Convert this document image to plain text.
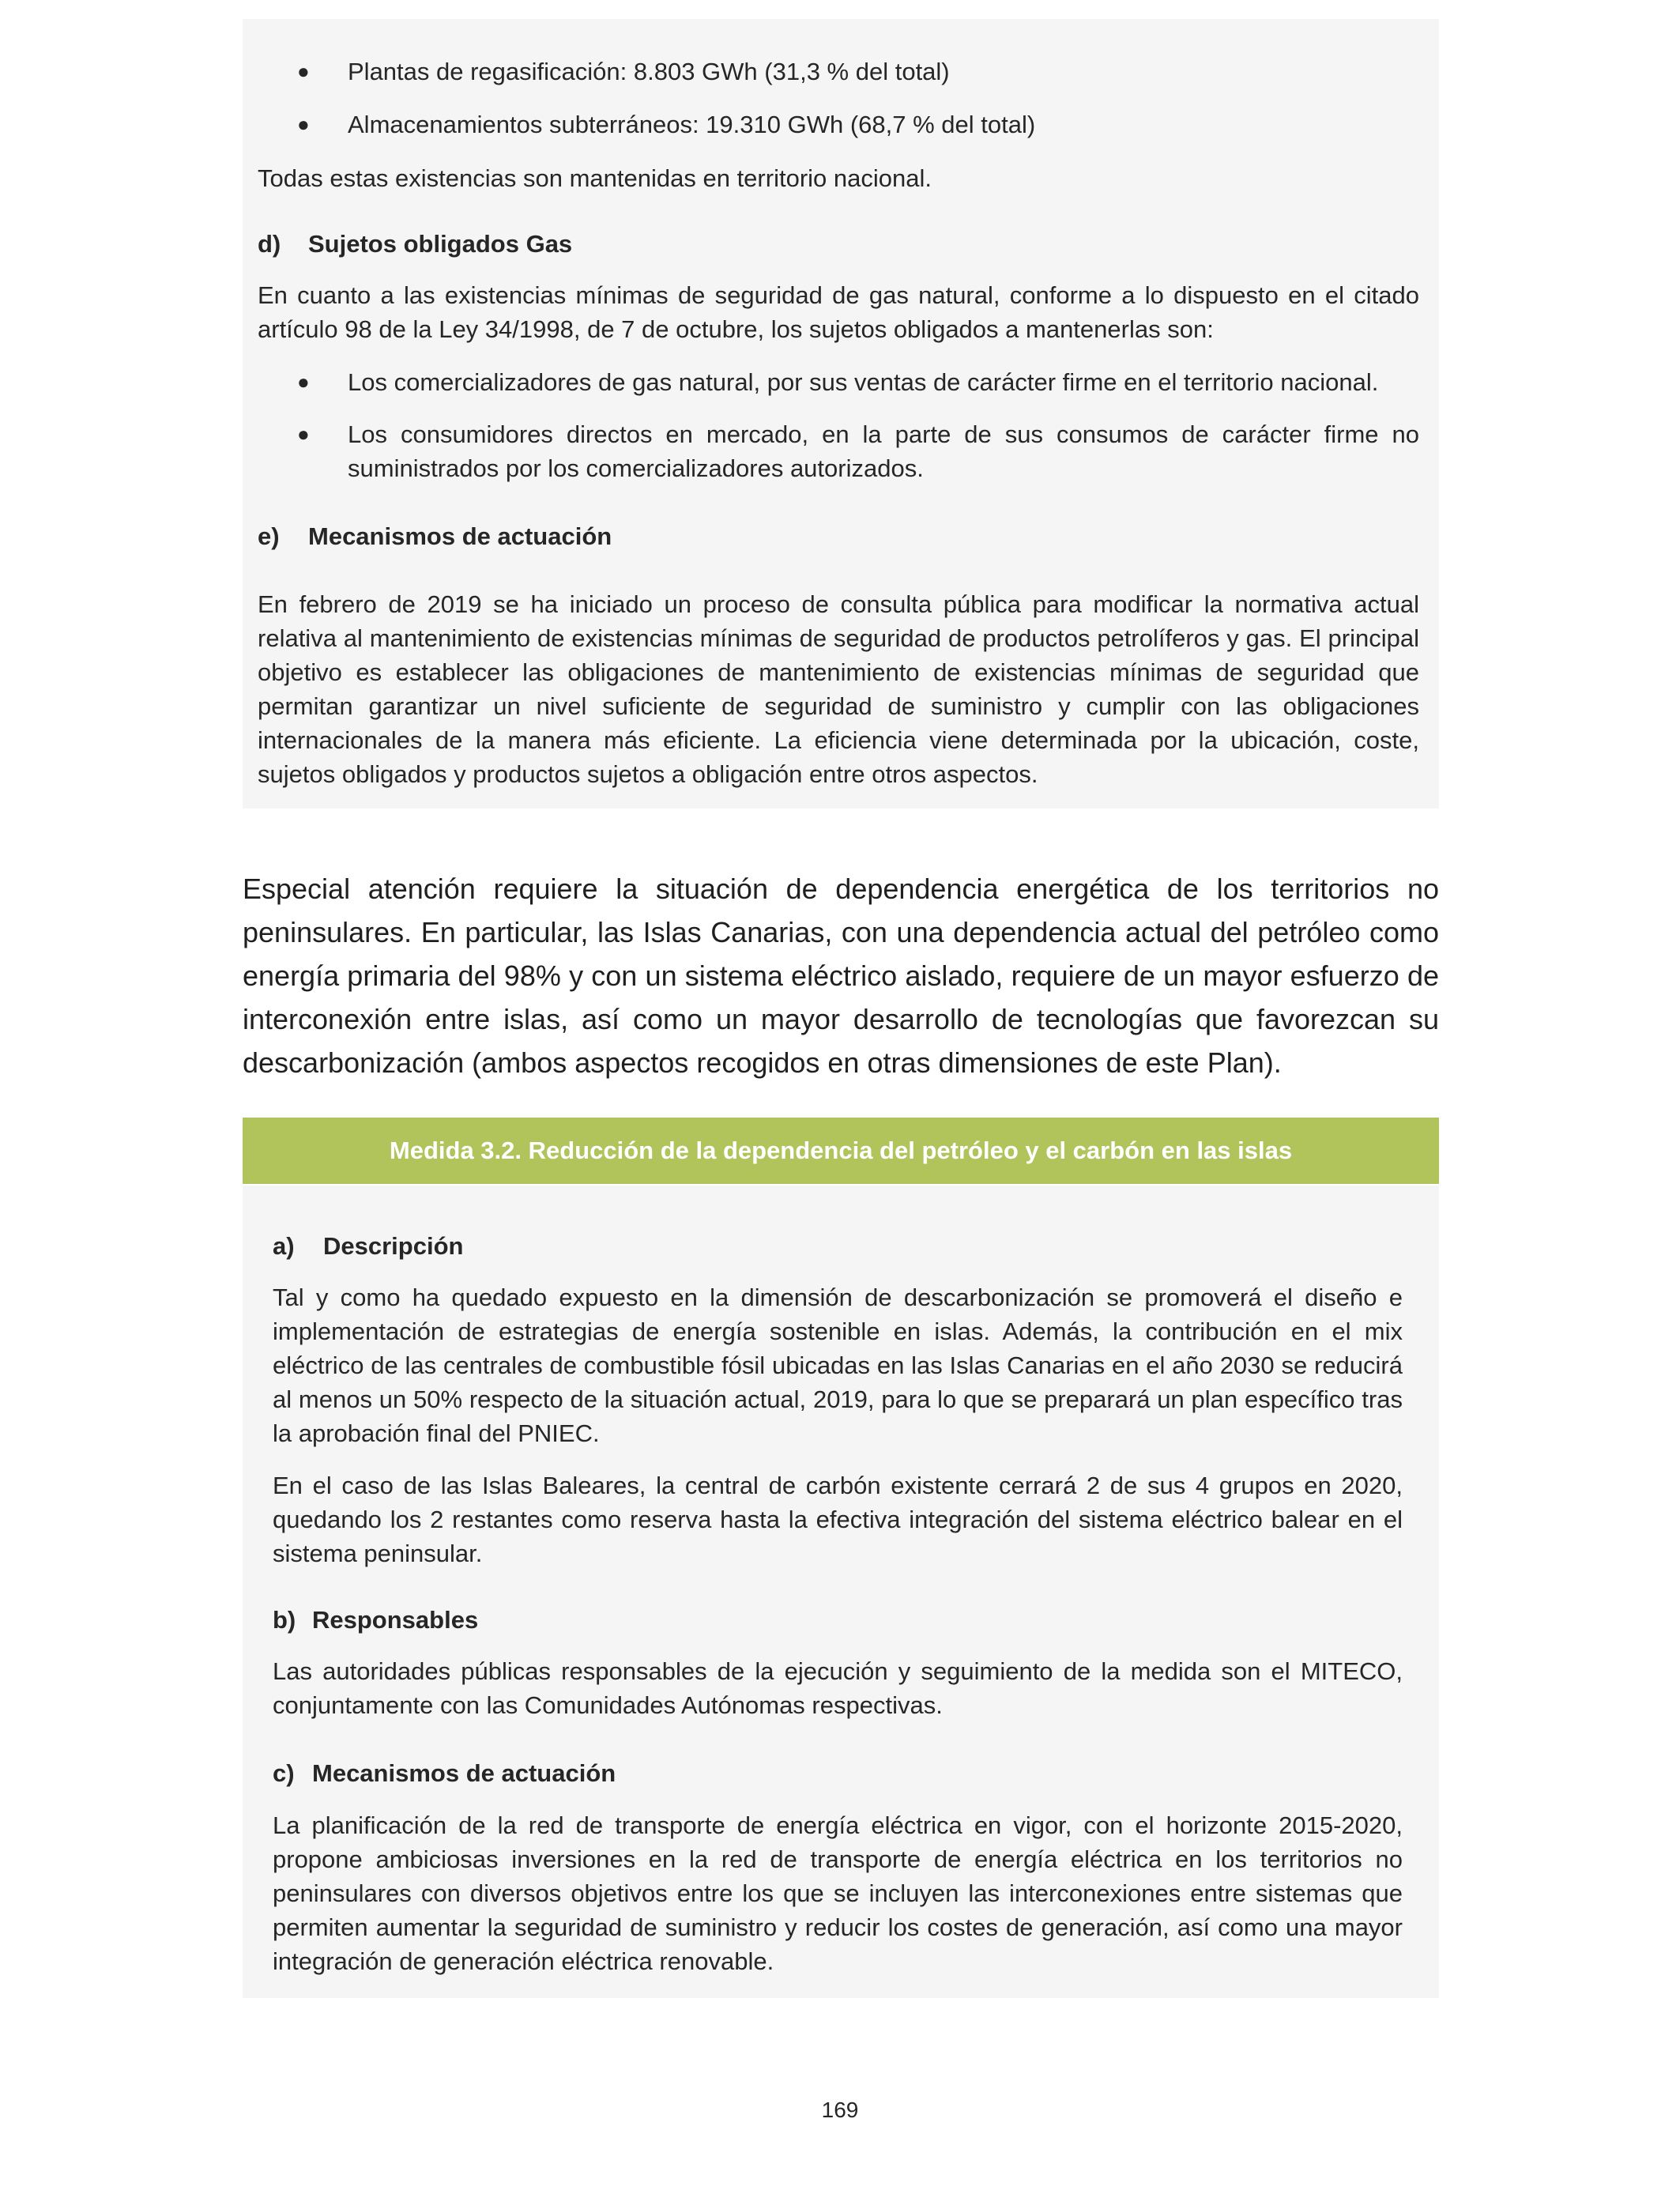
● Plantas de regasificación: 8.803 GWh (31,3 % del total)
● Almacenamientos subterráneos: 19.310 GWh (68,7 % del total)
Todas estas existencias son mantenidas en territorio nacional.
d) Sujetos obligados Gas
En cuanto a las existencias mínimas de seguridad de gas natural, conforme a lo dispuesto en el citado artículo 98 de la Ley 34/1998, de 7 de octubre, los sujetos obligados a mantenerlas son:
● Los comercializadores de gas natural, por sus ventas de carácter firme en el territorio nacional.
● Los consumidores directos en mercado, en la parte de sus consumos de carácter firme no suministrados por los comercializadores autorizados.
e) Mecanismos de actuación
En febrero de 2019 se ha iniciado un proceso de consulta pública para modificar la normativa actual relativa al mantenimiento de existencias mínimas de seguridad de productos petrolíferos y gas. El principal objetivo es establecer las obligaciones de mantenimiento de existencias mínimas de seguridad que permitan garantizar un nivel suficiente de seguridad de suministro y cumplir con las obligaciones internacionales de la manera más eficiente. La eficiencia viene determinada por la ubicación, coste, sujetos obligados y productos sujetos a obligación entre otros aspectos.
Especial atención requiere la situación de dependencia energética de los territorios no peninsulares. En particular, las Islas Canarias, con una dependencia actual del petróleo como energía primaria del 98% y con un sistema eléctrico aislado, requiere de un mayor esfuerzo de interconexión entre islas, así como un mayor desarrollo de tecnologías que favorezcan su descarbonización (ambos aspectos recogidos en otras dimensiones de este Plan).
Medida 3.2. Reducción de la dependencia del petróleo y el carbón en las islas
a) Descripción
Tal y como ha quedado expuesto en la dimensión de descarbonización se promoverá el diseño e implementación de estrategias de energía sostenible en islas. Además, la contribución en el mix eléctrico de las centrales de combustible fósil ubicadas en las Islas Canarias en el año 2030 se reducirá al menos un 50% respecto de la situación actual, 2019, para lo que se preparará un plan específico tras la aprobación final del PNIEC.
En el caso de las Islas Baleares, la central de carbón existente cerrará 2 de sus 4 grupos en 2020, quedando los 2 restantes como reserva hasta la efectiva integración del sistema eléctrico balear en el sistema peninsular.
b) Responsables
Las autoridades públicas responsables de la ejecución y seguimiento de la medida son el MITECO, conjuntamente con las Comunidades Autónomas respectivas.
c) Mecanismos de actuación
La planificación de la red de transporte de energía eléctrica en vigor, con el horizonte 2015-2020, propone ambiciosas inversiones en la red de transporte de energía eléctrica en los territorios no peninsulares con diversos objetivos entre los que se incluyen las interconexiones entre sistemas que permiten aumentar la seguridad de suministro y reducir los costes de generación, así como una mayor integración de generación eléctrica renovable.
169
